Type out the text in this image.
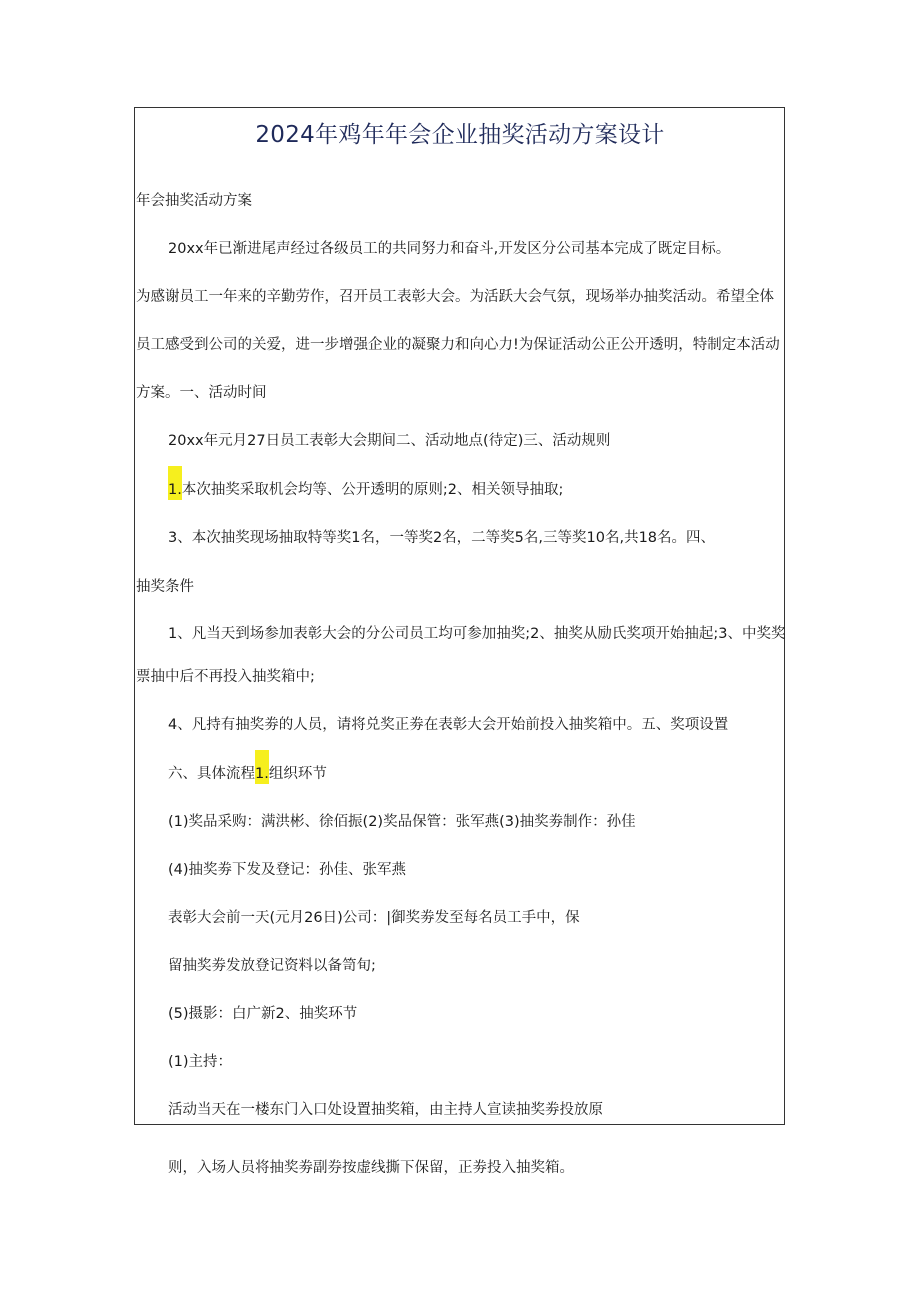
2024年鸡年年会企业抽奖活动方案设计
年会抽奖活动方案
20xx年已渐进尾声经过各级员工的共同努力和奋斗,开发区分公司基本完成了既定目标。
为感谢员工一年来的辛勤劳作，召开员工表彰大会。为活跃大会气氛，现场举办抽奖活动。希望全体
员工感受到公司的关爱，进一步增强企业的凝聚力和向心力!为保证活动公正公开透明，特制定本活动
方案。一、活动时间
20xx年元月27日员工表彰大会期间二、活动地点(待定)三、活动规则
1.本次抽奖采取机会均等、公开透明的原则;2、相关领导抽取;
3、本次抽奖现场抽取特等奖1名，一等奖2名，二等奖5名,三等奖10名,共18名。四、
抽奖条件
1、凡当天到场参加表彰大会的分公司员工均可参加抽奖;2、抽奖从励氏奖项开始抽起;3、中奖奖
票抽中后不再投入抽奖箱中;
4、凡持有抽奖劵的人员，请将兑奖正劵在表彰大会开始前投入抽奖箱中。五、奖项设置
六、具体流程1.组织环节
(1)奖品采购：满洪彬、徐佰振(2)奖品保管：张军燕(3)抽奖劵制作：孙佳
(4)抽奖劵下发及登记：孙佳、张军燕
表彰大会前一天(元月26日)公司：|御奖劵发至每名员工手中，保
留抽奖劵发放登记资料以备笥旬;
(5)摄影：白广新2、抽奖环节
(1)主持：
活动当天在一楼东门入口处设置抽奖箱，由主持人宣读抽奖劵投放原
则，入场人员将抽奖劵副券按虚线撕下保留，正劵投入抽奖箱。
